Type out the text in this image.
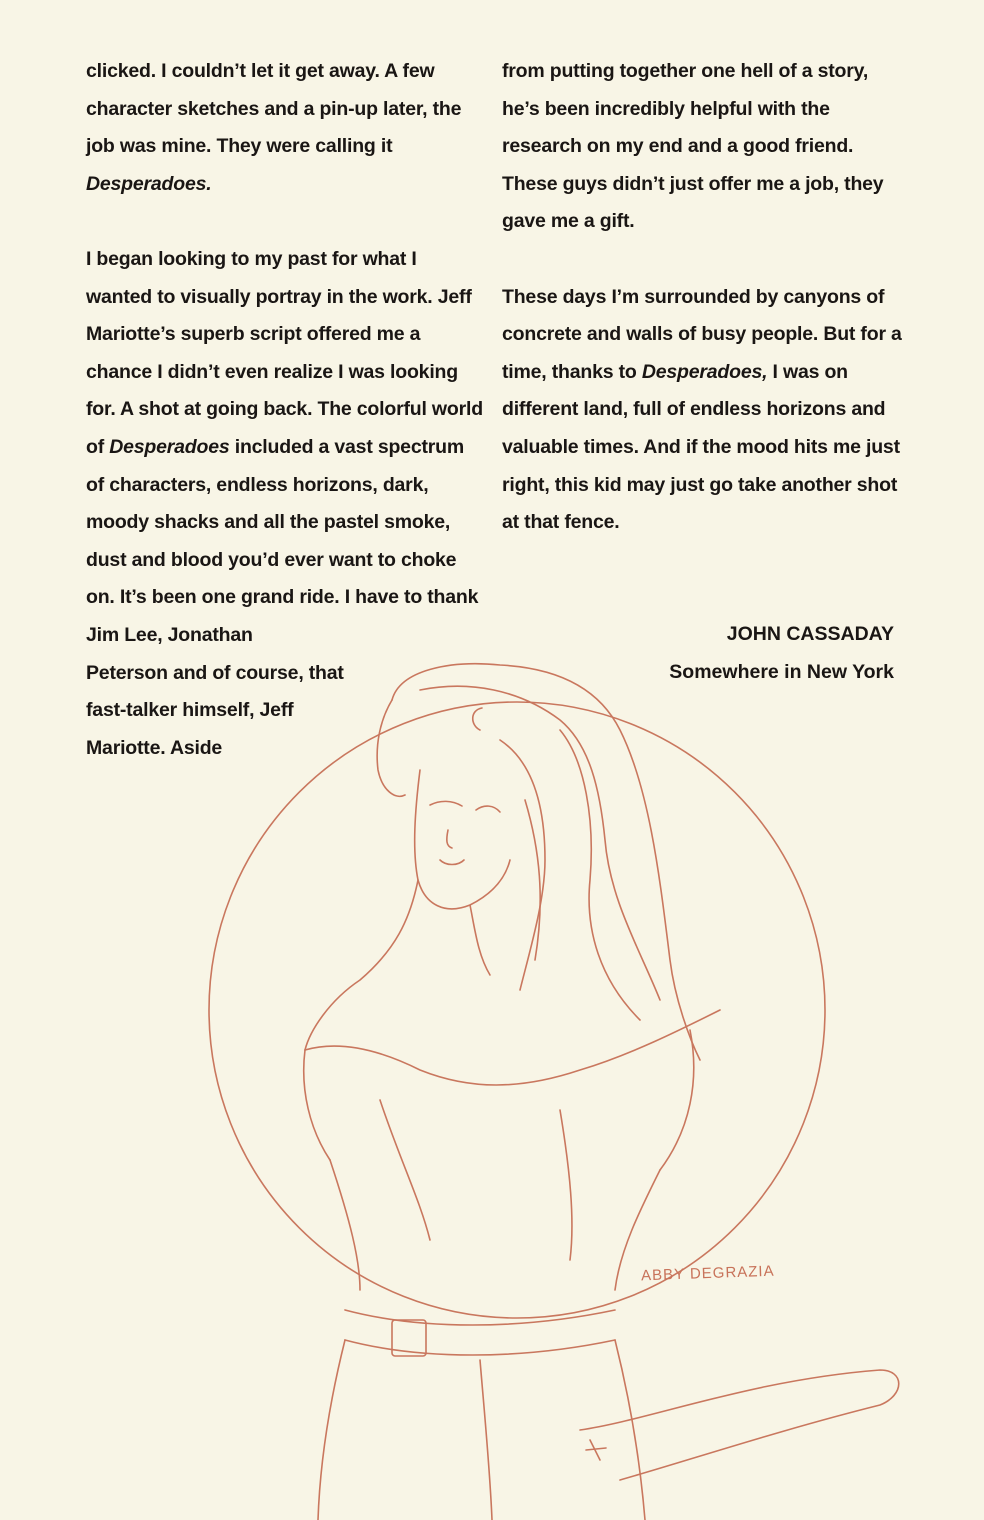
clicked. I couldn’t let it get away. A few character sketches and a pin-up later, the job was mine. They were calling it Desperadoes.

I began looking to my past for what I wanted to visually portray in the work. Jeff Mariotte’s superb script offered me a chance I didn’t even realize I was looking for. A shot at going back. The colorful world of Desperadoes included a vast spectrum of characters, endless horizons, dark, moody shacks and all the pastel smoke, dust and blood you’d ever want to choke on. It’s been one grand ride. I have to thank Jim Lee, Jonathan
Peterson and of course, that
fast-talker himself, Jeff
Mariotte. Aside

from putting together one hell of a story, he’s been incredibly helpful with the research on my end and a good friend. These guys didn’t just offer me a job, they gave me a gift.

These days I’m surrounded by canyons of concrete and walls of busy people. But for a time, thanks to Desperadoes, I was on different land, full of endless horizons and valuable times. And if the mood hits me just right, this kid may just go take another shot at that fence.

JOHN CASSADAY
Somewhere in New York
ABBY DEGRAZIA
